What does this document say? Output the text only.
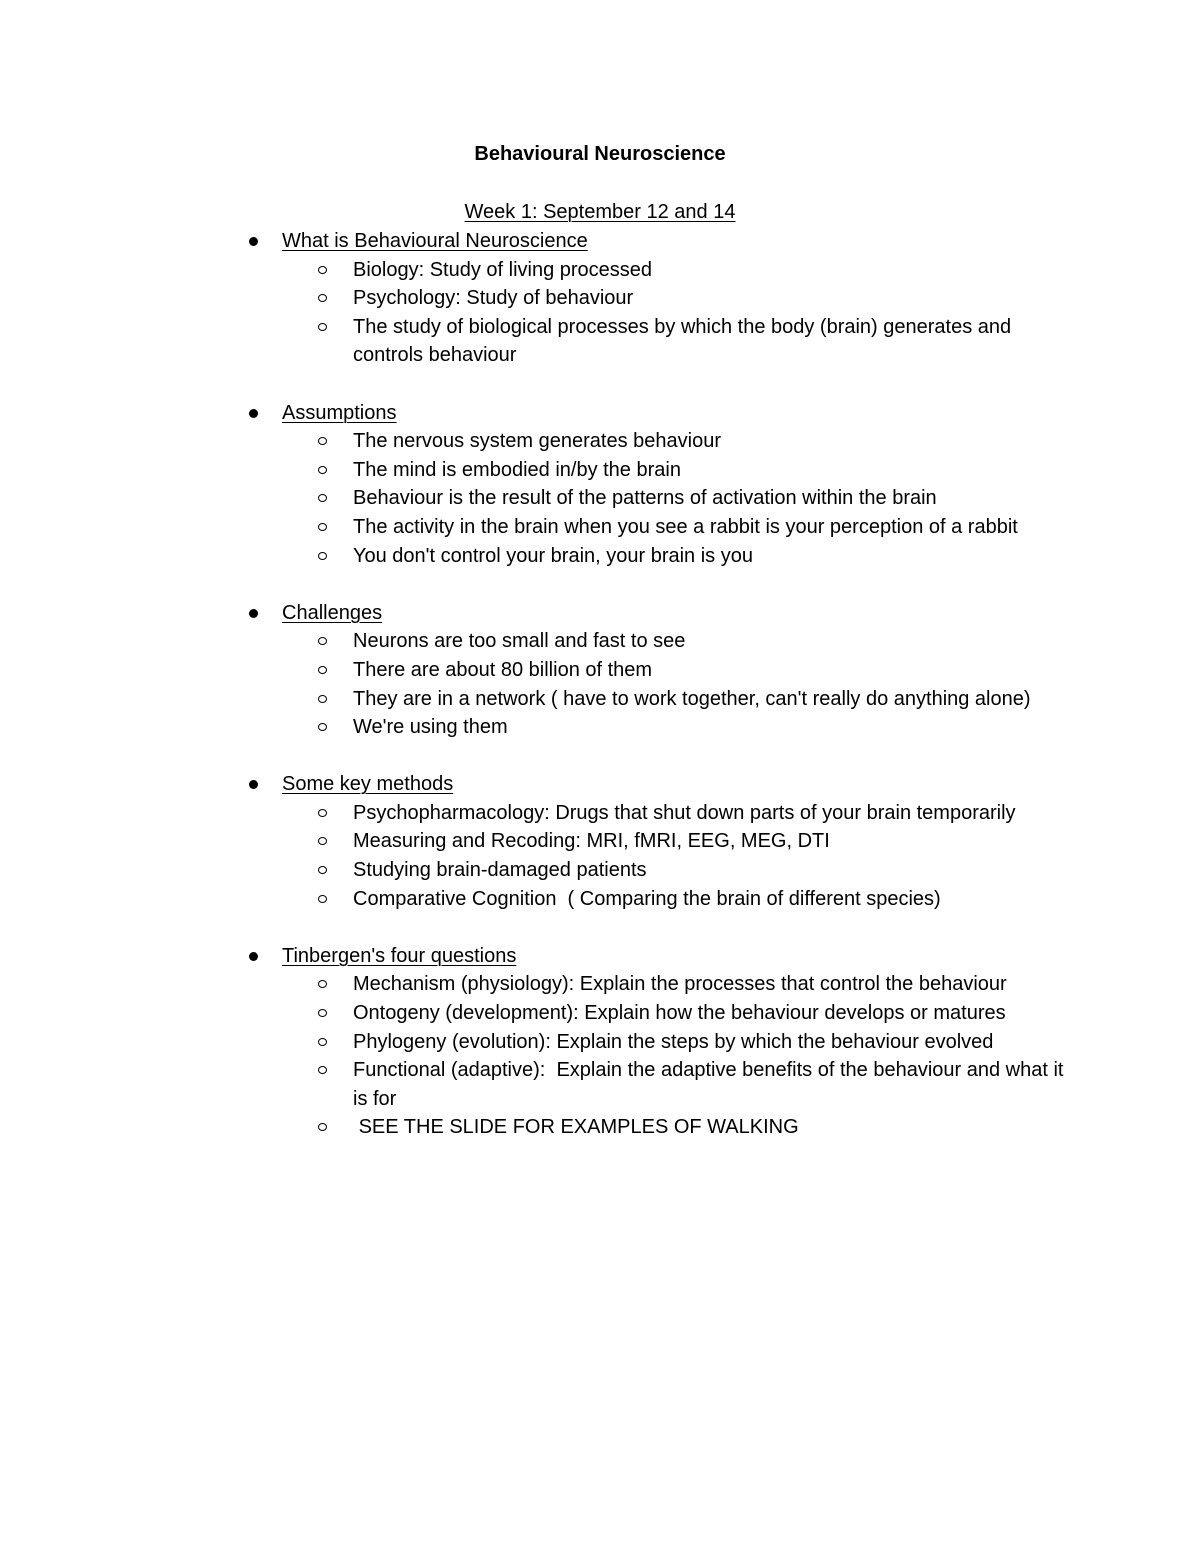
Behavioural Neuroscience
Week 1: September 12 and 14
What is Behavioural Neuroscience
Biology: Study of living processed
Psychology: Study of behaviour
The study of biological processes by which the body (brain) generates and controls behaviour
Assumptions
The nervous system generates behaviour
The mind is embodied in/by the brain
Behaviour is the result of the patterns of activation within the brain
The activity in the brain when you see a rabbit is your perception of a rabbit
You don't control your brain, your brain is you
Challenges
Neurons are too small and fast to see
There are about 80 billion of them
They are in a network ( have to work together, can't really do anything alone)
We're using them
Some key methods
Psychopharmacology: Drugs that shut down parts of your brain temporarily
Measuring and Recoding: MRI, fMRI, EEG, MEG, DTI
Studying brain-damaged patients
Comparative Cognition  ( Comparing the brain of different species)
Tinbergen's four questions
Mechanism (physiology): Explain the processes that control the behaviour
Ontogeny (development): Explain how the behaviour develops or matures
Phylogeny (evolution): Explain the steps by which the behaviour evolved
Functional (adaptive):  Explain the adaptive benefits of the behaviour and what it is for
SEE THE SLIDE FOR EXAMPLES OF WALKING
